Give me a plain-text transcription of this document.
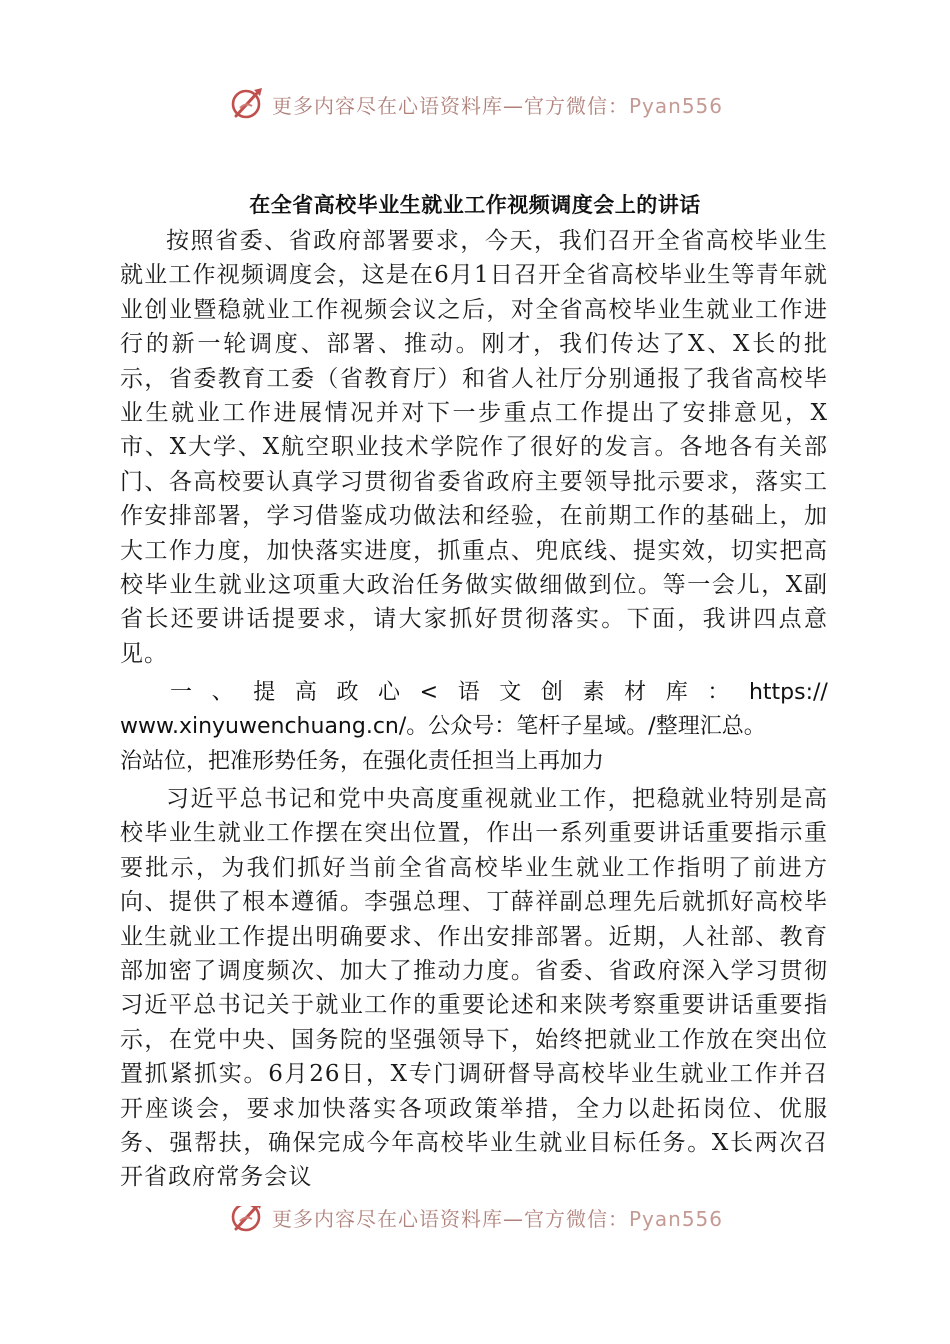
更多内容尽在心语资料库—官方微信：Pyan556
在全省高校毕业生就业工作视频调度会上的讲话

按照省委、省政府部署要求，今天，我们召开全省高校毕业生就业工作视频调度会，这是在6月1日召开全省高校毕业生等青年就业创业暨稳就业工作视频会议之后，对全省高校毕业生就业工作进行的新一轮调度、部署、推动。刚才，我们传达了X、X长的批示，省委教育工委（省教育厅）和省人社厅分别通报了我省高校毕业生就业工作进展情况并对下一步重点工作提出了安排意见，X市、X大学、X航空职业技术学院作了很好的发言。各地各有关部门、各高校要认真学习贯彻省委省政府主要领导批示要求，落实工作安排部署，学习借鉴成功做法和经验，在前期工作的基础上，加大工作力度，加快落实进度，抓重点、兜底线、提实效，切实把高校毕业生就业这项重大政治任务做实做细做到位。等一会儿，X副省长还要讲话提要求，请大家抓好贯彻落实。下面，我讲四点意见。

一 、 提 高 政 心 < 语 文 创 素 材 库 ： https://
www.xinyuwenchuang.cn/。公众号：笔杆子星域。/整理汇总。
治站位，把准形势任务，在强化责任担当上再加力

习近平总书记和党中央高度重视就业工作，把稳就业特别是高校毕业生就业工作摆在突出位置，作出一系列重要讲话重要指示重要批示，为我们抓好当前全省高校毕业生就业工作指明了前进方向、提供了根本遵循。李强总理、丁薛祥副总理先后就抓好高校毕业生就业工作提出明确要求、作出安排部署。近期，人社部、教育部加密了调度频次、加大了推动力度。省委、省政府深入学习贯彻习近平总书记关于就业工作的重要论述和来陕考察重要讲话重要指示，在党中央、国务院的坚强领导下，始终把就业工作放在突出位置抓紧抓实。6月26日，X专门调研督导高校毕业生就业工作并召开座谈会，要求加快落实各项政策举措，全力以赴拓岗位、优服务、强帮扶，确保完成今年高校毕业生就业目标任务。X长两次召开省政府常务会议

更多内容尽在心语资料库—官方微信：Pyan556
